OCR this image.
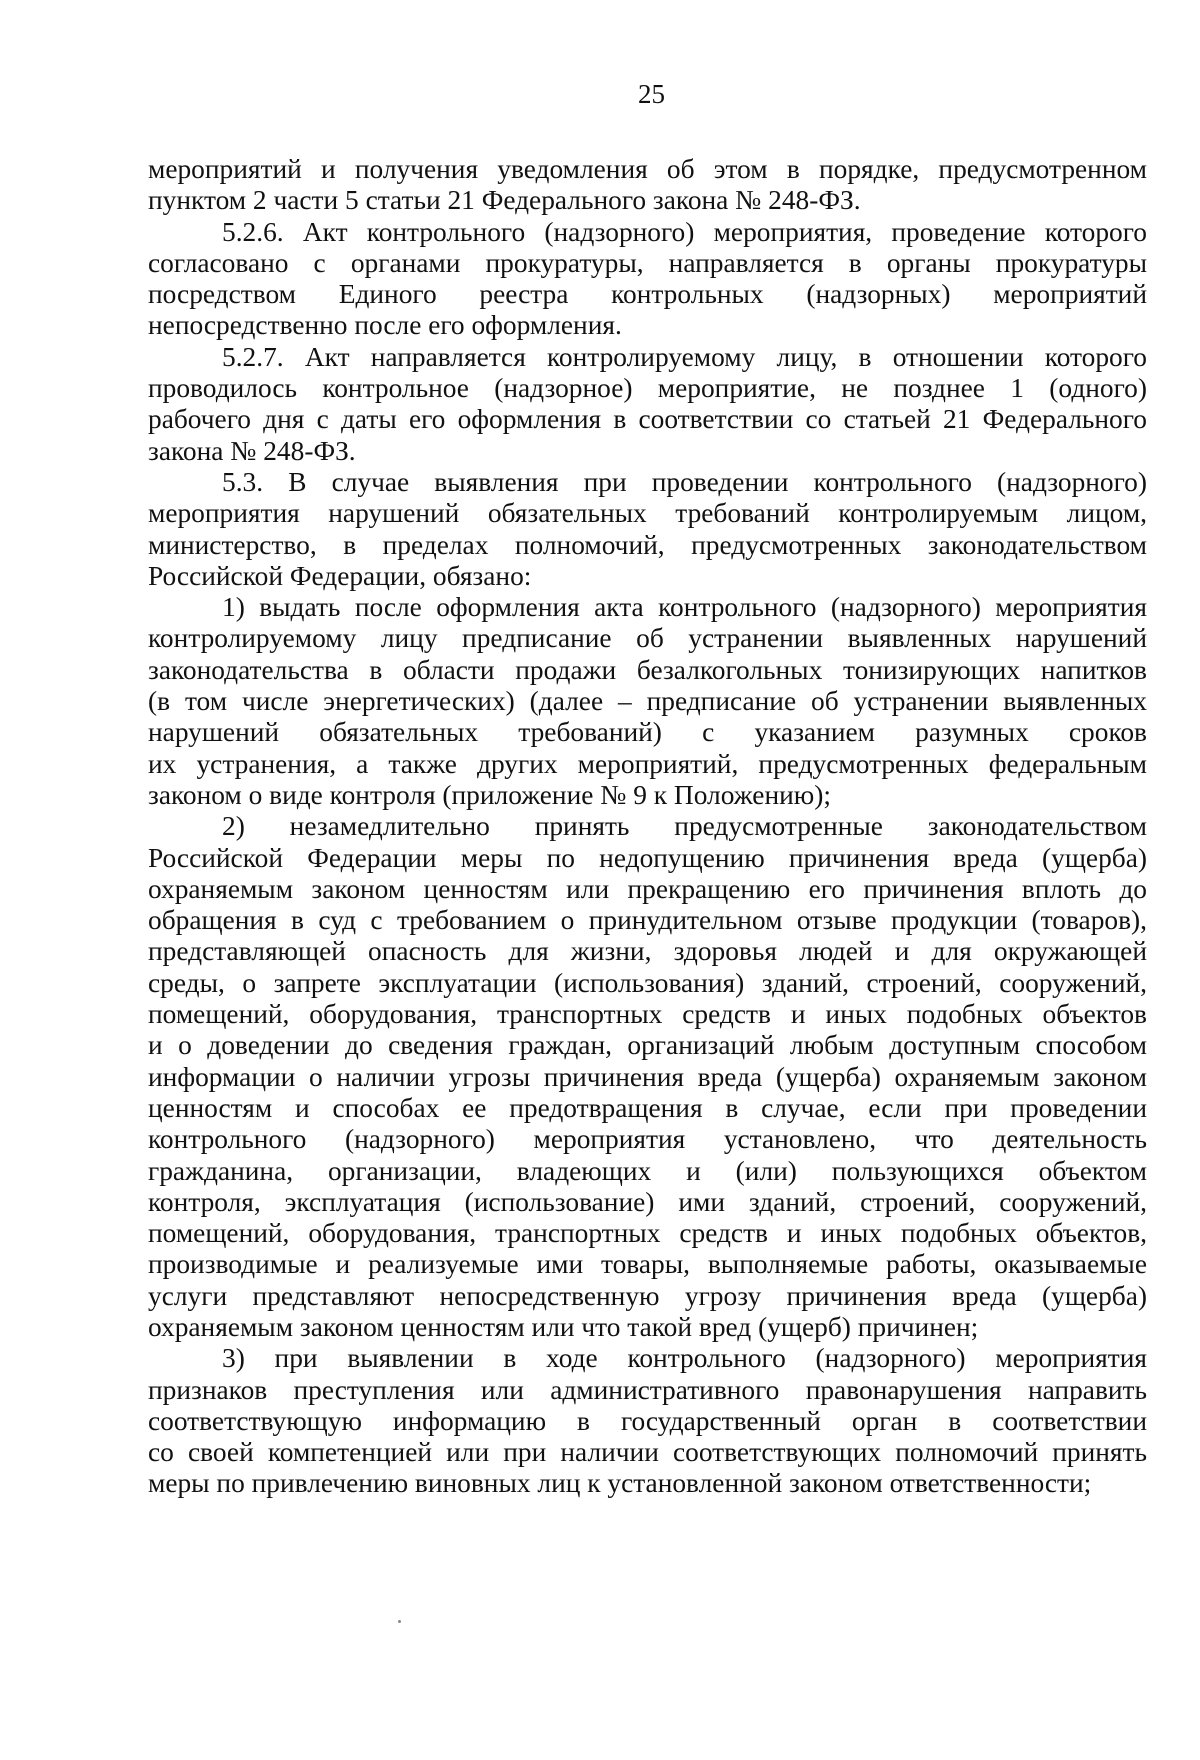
25
мероприятий и получения уведомления об этом в порядке, предусмотренном
пунктом 2 части 5 статьи 21 Федерального закона № 248-ФЗ.
5.2.6. Акт контрольного (надзорного) мероприятия, проведение которого
согласовано с органами прокуратуры, направляется в органы прокуратуры
посредством Единого реестра контрольных (надзорных) мероприятий
непосредственно после его оформления.
5.2.7. Акт направляется контролируемому лицу, в отношении которого
проводилось контрольное (надзорное) мероприятие, не позднее 1 (одного)
рабочего дня с даты его оформления в соответствии со статьей 21 Федерального
закона № 248-ФЗ.
5.3. В случае выявления при проведении контрольного (надзорного)
мероприятия нарушений обязательных требований контролируемым лицом,
министерство, в пределах полномочий, предусмотренных законодательством
Российской Федерации, обязано:
1) выдать после оформления акта контрольного (надзорного) мероприятия
контролируемому лицу предписание об устранении выявленных нарушений
законодательства в области продажи безалкогольных тонизирующих напитков
(в том числе энергетических) (далее – предписание об устранении выявленных
нарушений обязательных требований) с указанием разумных сроков
их устранения, а также других мероприятий, предусмотренных федеральным
законом о виде контроля (приложение № 9 к Положению);
2) незамедлительно принять предусмотренные законодательством
Российской Федерации меры по недопущению причинения вреда (ущерба)
охраняемым законом ценностям или прекращению его причинения вплоть до
обращения в суд с требованием о принудительном отзыве продукции (товаров),
представляющей опасность для жизни, здоровья людей и для окружающей
среды, о запрете эксплуатации (использования) зданий, строений, сооружений,
помещений, оборудования, транспортных средств и иных подобных объектов
и о доведении до сведения граждан, организаций любым доступным способом
информации о наличии угрозы причинения вреда (ущерба) охраняемым законом
ценностям и способах ее предотвращения в случае, если при проведении
контрольного (надзорного) мероприятия установлено, что деятельность
гражданина, организации, владеющих и (или) пользующихся объектом
контроля, эксплуатация (использование) ими зданий, строений, сооружений,
помещений, оборудования, транспортных средств и иных подобных объектов,
производимые и реализуемые ими товары, выполняемые работы, оказываемые
услуги представляют непосредственную угрозу причинения вреда (ущерба)
охраняемым законом ценностям или что такой вред (ущерб) причинен;
3) при выявлении в ходе контрольного (надзорного) мероприятия
признаков преступления или административного правонарушения направить
соответствующую информацию в государственный орган в соответствии
со своей компетенцией или при наличии соответствующих полномочий принять
меры по привлечению виновных лиц к установленной законом ответственности;
